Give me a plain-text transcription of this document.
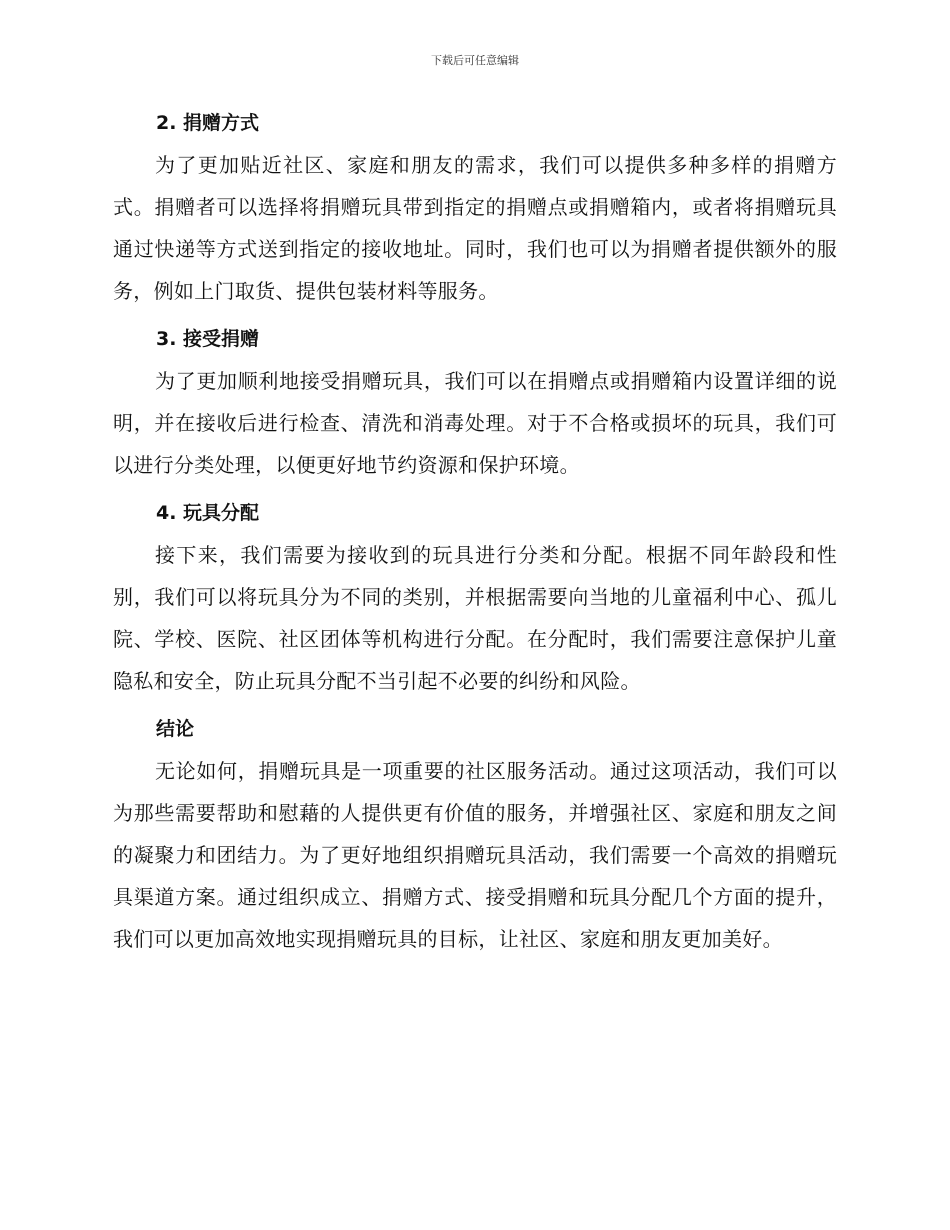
下载后可任意编辑
2. 捐赠方式

为了更加贴近社区、家庭和朋友的需求，我们可以提供多种多样的捐赠方式。捐赠者可以选择将捐赠玩具带到指定的捐赠点或捐赠箱内，或者将捐赠玩具通过快递等方式送到指定的接收地址。同时，我们也可以为捐赠者提供额外的服务，例如上门取货、提供包装材料等服务。

3. 接受捐赠

为了更加顺利地接受捐赠玩具，我们可以在捐赠点或捐赠箱内设置详细的说明，并在接收后进行检查、清洗和消毒处理。对于不合格或损坏的玩具，我们可以进行分类处理，以便更好地节约资源和保护环境。

4. 玩具分配

接下来，我们需要为接收到的玩具进行分类和分配。根据不同年龄段和性别，我们可以将玩具分为不同的类别，并根据需要向当地的儿童福利中心、孤儿院、学校、医院、社区团体等机构进行分配。在分配时，我们需要注意保护儿童隐私和安全，防止玩具分配不当引起不必要的纠纷和风险。

结论

无论如何，捐赠玩具是一项重要的社区服务活动。通过这项活动，我们可以为那些需要帮助和慰藉的人提供更有价值的服务，并增强社区、家庭和朋友之间的凝聚力和团结力。为了更好地组织捐赠玩具活动，我们需要一个高效的捐赠玩具渠道方案。通过组织成立、捐赠方式、接受捐赠和玩具分配几个方面的提升，我们可以更加高效地实现捐赠玩具的目标，让社区、家庭和朋友更加美好。
